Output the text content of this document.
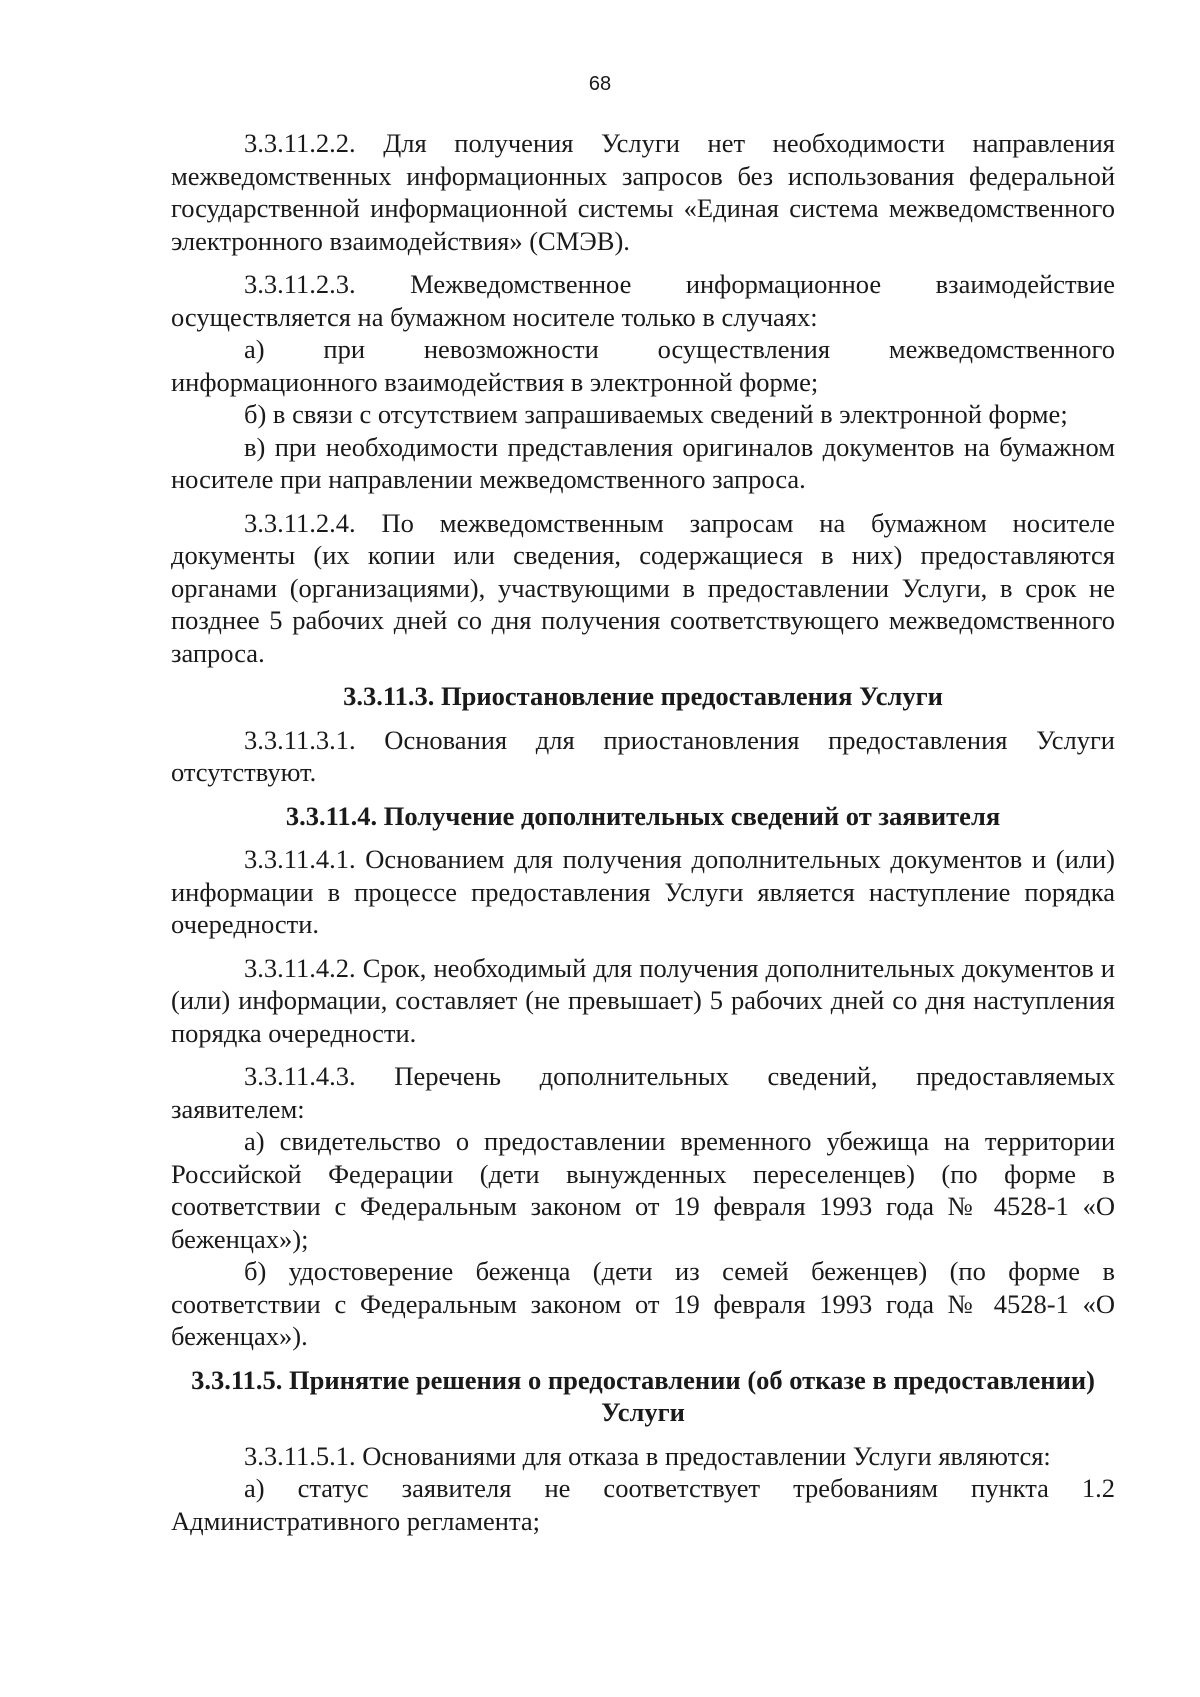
68

3.3.11.2.2. Для получения Услуги нет необходимости направления межведомственных информационных запросов без использования федеральной государственной информационной системы «Единая система межведомственного электронного взаимодействия» (СМЭВ).

3.3.11.2.3. Межведомственное информационное взаимодействие осуществляется на бумажном носителе только в случаях:

а) при невозможности осуществления межведомственного информационного взаимодействия в электронной форме;

б) в связи с отсутствием запрашиваемых сведений в электронной форме;

в) при необходимости представления оригиналов документов на бумажном носителе при направлении межведомственного запроса.

3.3.11.2.4. По межведомственным запросам на бумажном носителе документы (их копии или сведения, содержащиеся в них) предоставляются органами (организациями), участвующими в предоставлении Услуги, в срок не позднее 5 рабочих дней со дня получения соответствующего межведомственного запроса.

3.3.11.3. Приостановление предоставления Услуги

3.3.11.3.1. Основания для приостановления предоставления Услуги отсутствуют.

3.3.11.4. Получение дополнительных сведений от заявителя

3.3.11.4.1. Основанием для получения дополнительных документов и (или) информации в процессе предоставления Услуги является наступление порядка очередности.

3.3.11.4.2. Срок, необходимый для получения дополнительных документов и (или) информации, составляет (не превышает) 5 рабочих дней со дня наступления порядка очередности.

3.3.11.4.3. Перечень дополнительных сведений, предоставляемых заявителем:

а) свидетельство о предоставлении временного убежища на территории Российской Федерации (дети вынужденных переселенцев) (по форме в соответствии с Федеральным законом от 19 февраля 1993 года № 4528-1 «О беженцах»);

б) удостоверение беженца (дети из семей беженцев) (по форме в соответствии с Федеральным законом от 19 февраля 1993 года № 4528-1 «О беженцах»).

3.3.11.5. Принятие решения о предоставлении (об отказе в предоставлении) Услуги

3.3.11.5.1. Основаниями для отказа в предоставлении Услуги являются:

а) статус заявителя не соответствует требованиям пункта 1.2 Административного регламента;
